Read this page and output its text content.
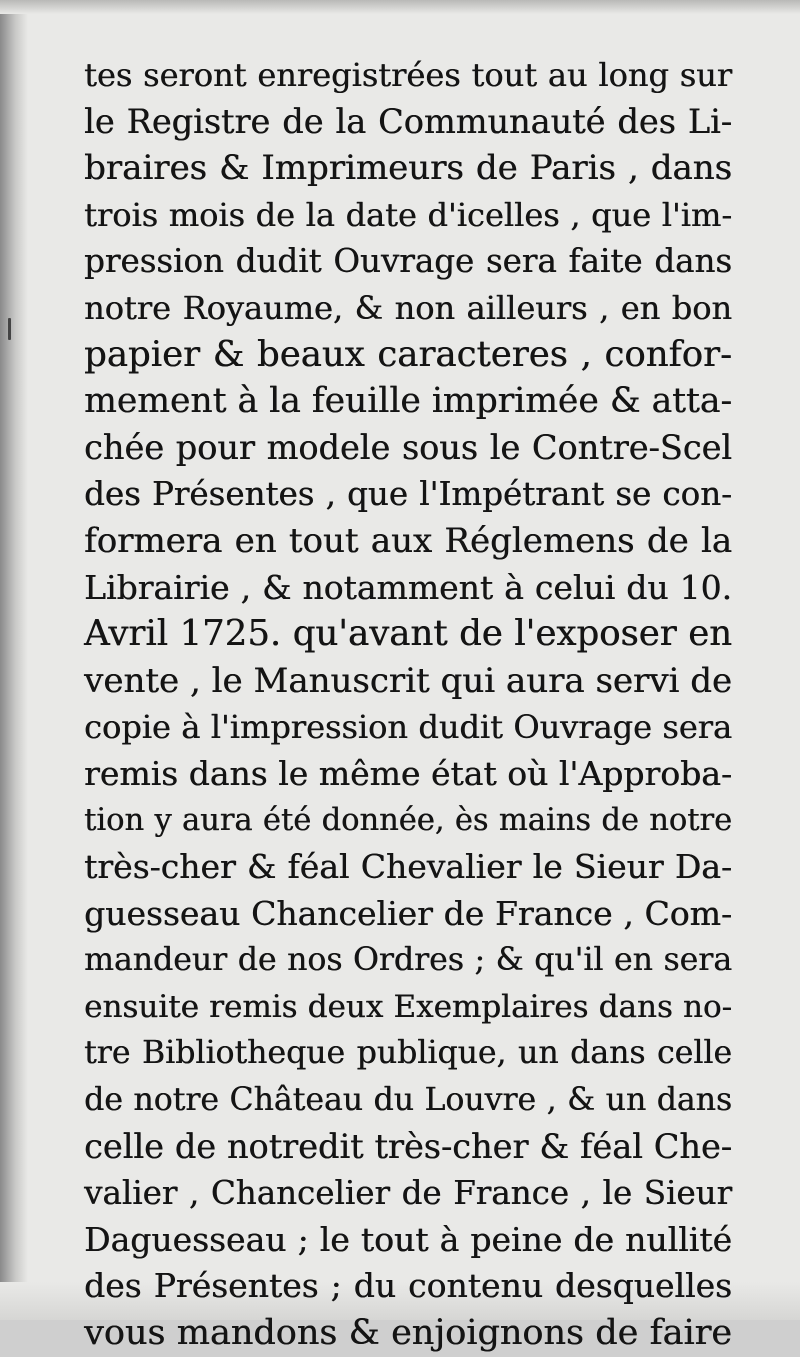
tes seront enregistrées tout au long sur
le Registre de la Communauté des Li-
braires & Imprimeurs de Paris , dans
trois mois de la date d'icelles , que l'im-
pression dudit Ouvrage sera faite dans
notre Royaume, & non ailleurs , en bon
papier & beaux caracteres , confor-
mement à la feuille imprimée & atta-
chée pour modele sous le Contre-Scel
des Présentes , que l'Impétrant se con-
formera en tout aux Réglemens de la
Librairie , & notamment à celui du 10.
Avril 1725. qu'avant de l'exposer en
vente , le Manuscrit qui aura servi de
copie à l'impression dudit Ouvrage sera
remis dans le même état où l'Approba-
tion y aura été donnée, ès mains de notre
très-cher & féal Chevalier le Sieur Da-
guesseau Chancelier de France , Com-
mandeur de nos Ordres ; & qu'il en sera
ensuite remis deux Exemplaires dans no-
tre Bibliotheque publique, un dans celle
de notre Château du Louvre , & un dans
celle de notredit très-cher & féal Che-
valier , Chancelier de France , le Sieur
Daguesseau ; le tout à peine de nullité
des Présentes ; du contenu desquelles
vous mandons & enjoignons de faire
